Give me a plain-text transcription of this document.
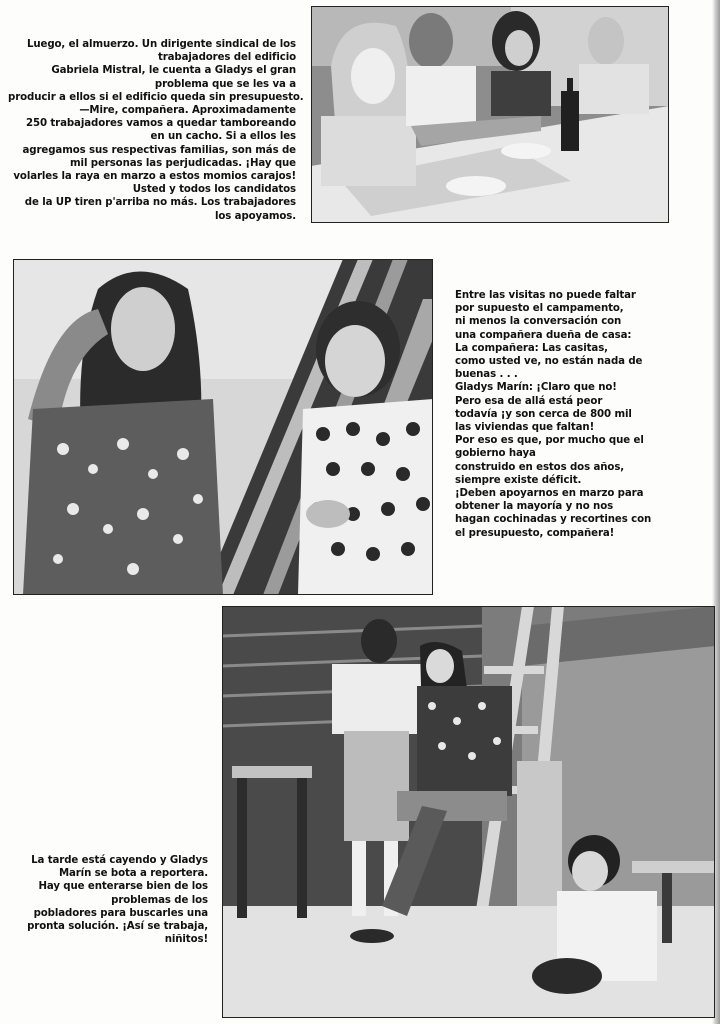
Luego, el almuerzo. Un dirigente sindical de los
trabajadores del edificio
Gabriela Mistral, le cuenta a Gladys el gran
problema que se les va a
producir a ellos si el edificio queda sin presupuesto.
—Mire, compañera. Aproximadamente
250 trabajadores vamos a quedar tamboreando
en un cacho. Si a ellos les
agregamos sus respectivas familias, son más de
mil personas las perjudicadas. ¡Hay que
volarles la raya en marzo a estos momios carajos!
Usted y todos los candidatos
de la UP tiren p'arriba no más. Los trabajadores
los apoyamos.
Entre las visitas no puede faltar
por supuesto el campamento,
ni menos la conversación con
una compañera dueña de casa:
La compañera: Las casitas,
como usted ve, no están nada de
buenas . . .
Gladys Marín: ¡Claro que no!
Pero esa de allá está peor
todavía ¡y son cerca de 800 mil
las viviendas que faltan!
Por eso es que, por mucho que el
gobierno haya
construido en estos dos años,
siempre existe déficit.
¡Deben apoyarnos en marzo para
obtener la mayoría y no nos
hagan cochinadas y recortines con
el presupuesto, compañera!
La tarde está cayendo y Gladys
Marín se bota a reportera.
Hay que enterarse bien de los
problemas de los
pobladores para buscarles una
pronta solución. ¡Así se trabaja,
niñitos!
